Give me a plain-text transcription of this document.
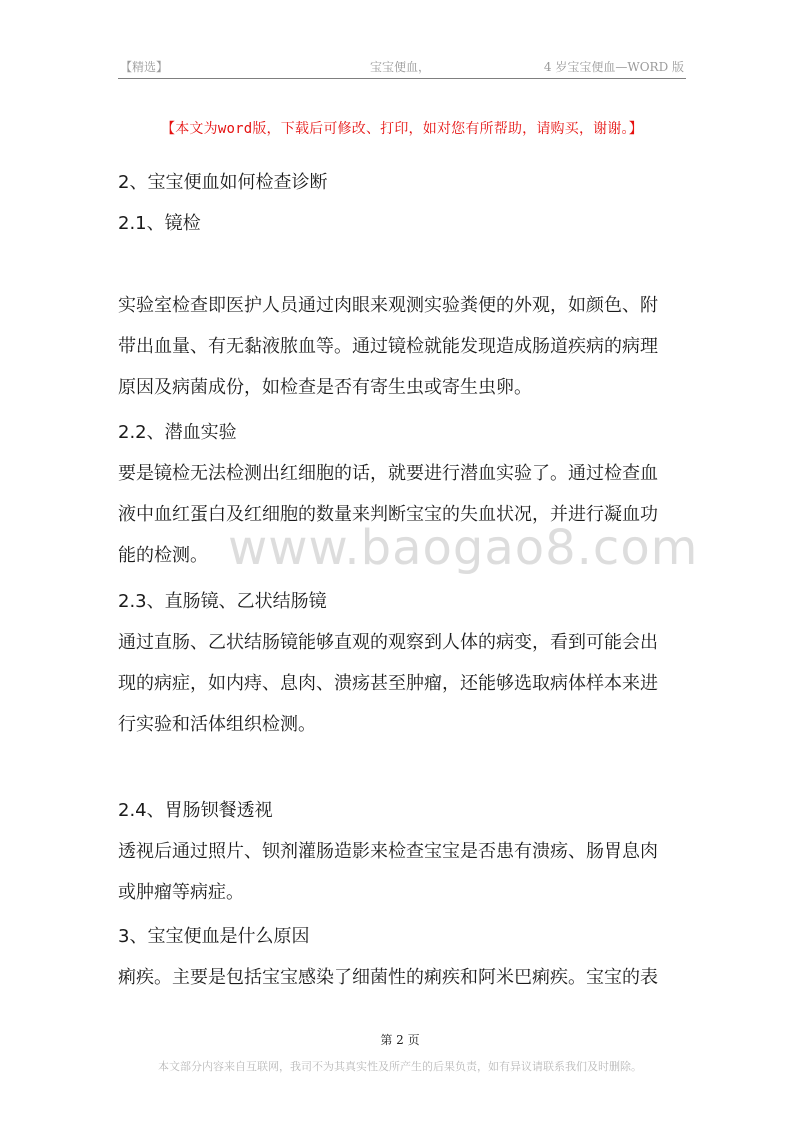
【精选】	宝宝便血，	4 岁宝宝便血—WORD 版
【本文为word版，下载后可修改、打印，如对您有所帮助，请购买，谢谢。】
2、宝宝便血如何检查诊断
2.1、镜检
实验室检查即医护人员通过肉眼来观测实验粪便的外观，如颜色、附
带出血量、有无黏液脓血等。通过镜检就能发现造成肠道疾病的病理
原因及病菌成份，如检查是否有寄生虫或寄生虫卵。
2.2、潜血实验
要是镜检无法检测出红细胞的话，就要进行潜血实验了。通过检查血
液中血红蛋白及红细胞的数量来判断宝宝的失血状况，并进行凝血功
能的检测。
2.3、直肠镜、乙状结肠镜
通过直肠、乙状结肠镜能够直观的观察到人体的病变，看到可能会出
现的病症，如内痔、息肉、溃疡甚至肿瘤，还能够选取病体样本来进
行实验和活体组织检测。
2.4、胃肠钡餐透视
透视后通过照片、钡剂灌肠造影来检查宝宝是否患有溃疡、肠胃息肉
或肿瘤等病症。
3、宝宝便血是什么原因
痢疾。主要是包括宝宝感染了细菌性的痢疾和阿米巴痢疾。宝宝的表
www.baogao8.com
第 2 页
本文部分内容来自互联网，我司不为其真实性及所产生的后果负责，如有异议请联系我们及时删除。
